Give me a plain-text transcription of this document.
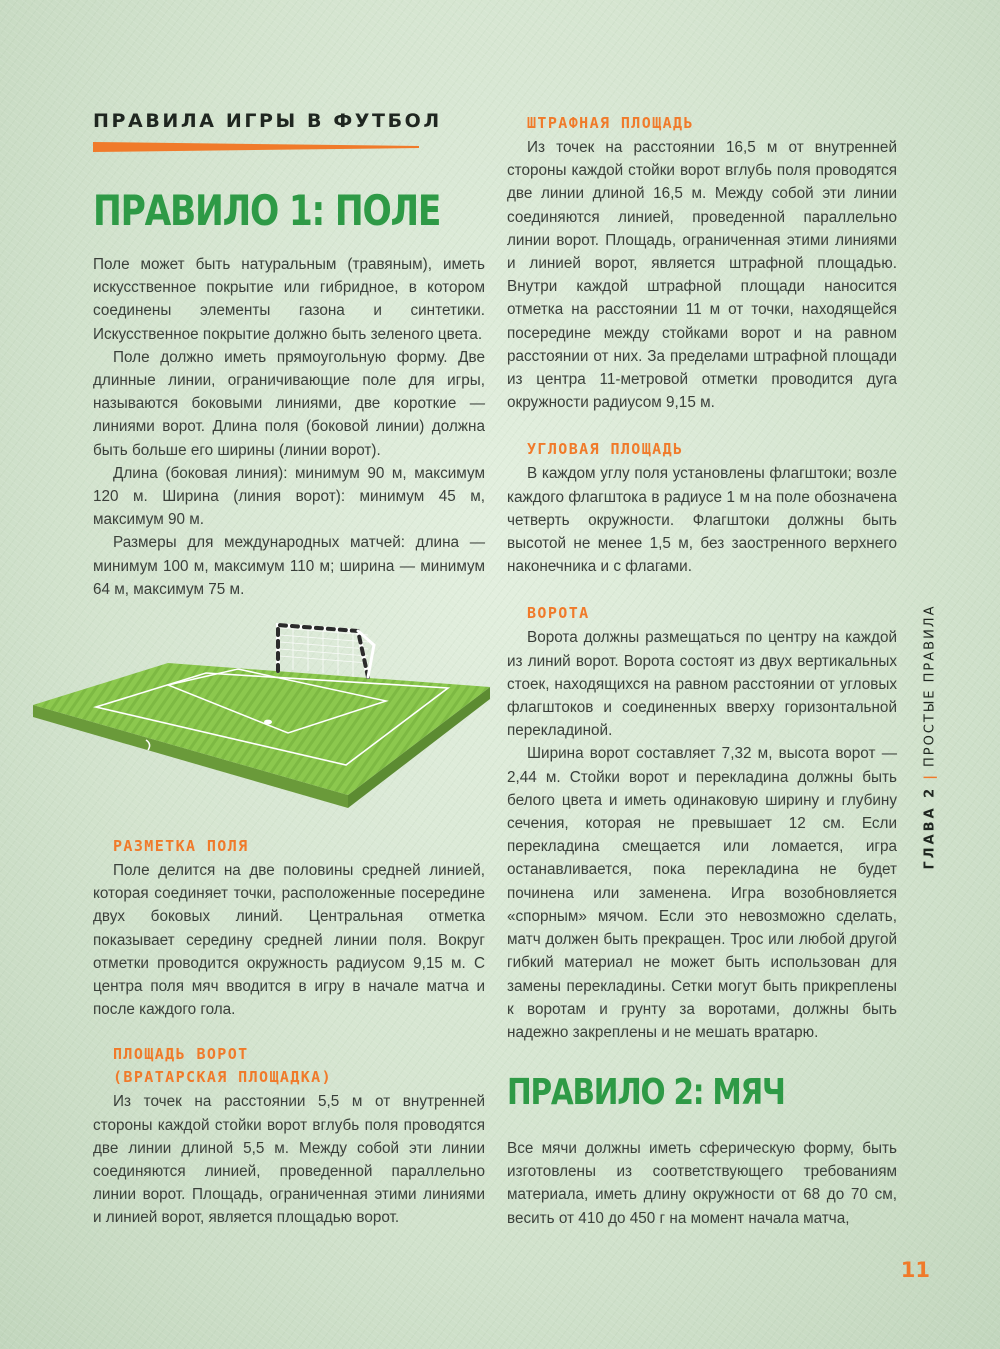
ПРАВИЛА ИГРЫ В ФУТБОЛ
ПРАВИЛО 1: ПОЛЕ

Поле может быть натуральным (травяным), иметь искусственное покрытие или гибридное, в котором соединены элементы газона и синтетики. Искусственное покрытие должно быть зеленого цвета.

Поле должно иметь прямоугольную форму. Две длинные линии, ограничивающие поле для игры, называются боковыми линиями, две короткие — линиями ворот. Длина поля (боковой линии) должна быть больше его ширины (линии ворот).

Длина (боковая линия): минимум 90 м, максимум 120 м. Ширина (линия ворот): минимум 45 м, максимум 90 м.

Размеры для международных матчей: длина — минимум 100 м, максимум 110 м; ширина — минимум 64 м, максимум 75 м.

РАЗМЕТКА ПОЛЯ

Поле делится на две половины средней линией, которая соединяет точки, расположенные посередине двух боковых линий. Центральная отметка показывает середину средней линии поля. Вокруг отметки проводится окружность радиусом 9,15 м. С центра поля мяч вводится в игру в начале матча и после каждого гола.

ПЛОЩАДЬ ВОРОТ
(ВРАТАРСКАЯ ПЛОЩАДКА)

Из точек на расстоянии 5,5 м от внутренней стороны каждой стойки ворот вглубь поля проводятся две линии длиной 5,5 м. Между собой эти линии соединяются линией, проведенной параллельно линии ворот. Площадь, ограниченная этими линиями и линией ворот, является площадью ворот.

ШТРАФНАЯ ПЛОЩАДЬ

Из точек на расстоянии 16,5 м от внутренней стороны каждой стойки ворот вглубь поля проводятся две линии длиной 16,5 м. Между собой эти линии соединяются линией, проведенной параллельно линии ворот. Площадь, ограниченная этими линиями и линией ворот, является штрафной площадью. Внутри каждой штрафной площади наносится отметка на расстоянии 11 м от точки, находящейся посередине между стойками ворот и на равном расстоянии от них. За пределами штрафной площади из центра 11-метровой отметки проводится дуга окружности радиусом 9,15 м.

УГЛОВАЯ ПЛОЩАДЬ

В каждом углу поля установлены флагштоки; возле каждого флагштока в радиусе 1 м на поле обозначена четверть окружности. Флагштоки должны быть высотой не менее 1,5 м, без заостренного верхнего наконечника и с флагами.

ВОРОТА

Ворота должны размещаться по центру на каждой из линий ворот. Ворота состоят из двух вертикальных стоек, находящихся на равном расстоянии от угловых флагштоков и соединенных вверху горизонтальной перекладиной.

Ширина ворот составляет 7,32 м, высота ворот — 2,44 м. Стойки ворот и перекладина должны быть белого цвета и иметь одинаковую ширину и глубину сечения, которая не превышает 12 см. Если перекладина смещается или ломается, игра останавливается, пока перекладина не будет починена или заменена. Игра возобновляется «спорным» мячом. Если это невозможно сделать, матч должен быть прекращен. Трос или любой другой гибкий материал не может быть использован для замены перекладины. Сетки могут быть прикреплены к воротам и грунту за воротами, должны быть надежно закреплены и не мешать вратарю.

ПРАВИЛО 2: МЯЧ

Все мячи должны иметь сферическую форму, быть изготовлены из соответствующего требованиям материала, иметь длину окружности от 68 до 70 см, весить от 410 до 450 г на момент начала матча,

ГЛАВА 2|ПРОСТЫЕ ПРАВИЛА
11
